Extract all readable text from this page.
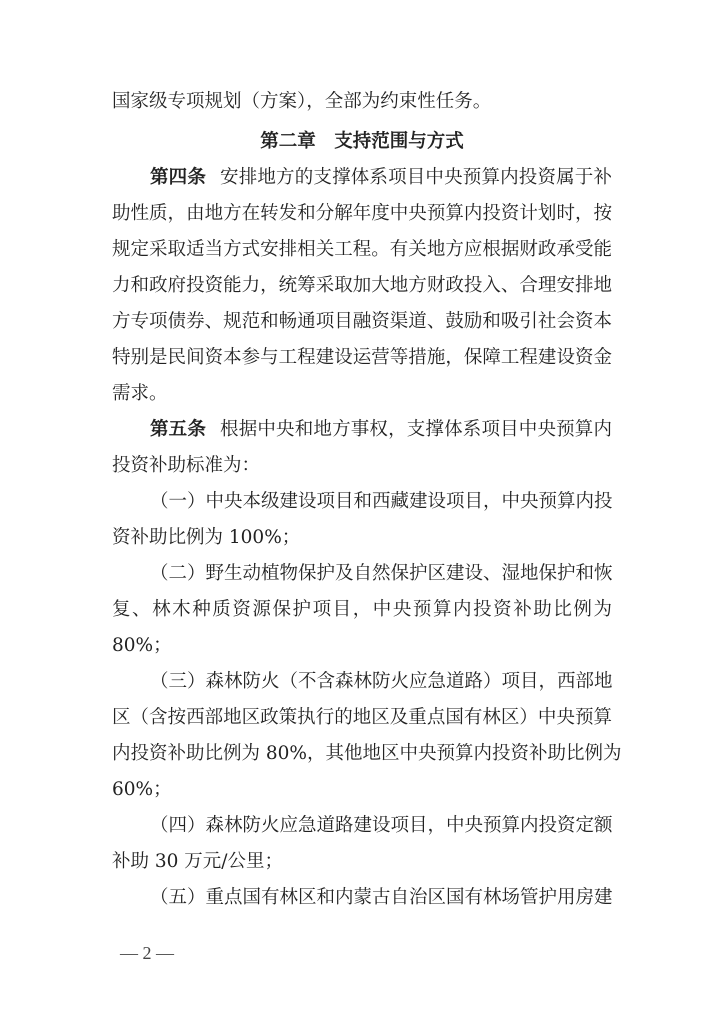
国家级专项规划（方案），全部为约束性任务。
第二章　支持范围与方式
第四条 安排地方的支撑体系项目中央预算内投资属于补
助性质，由地方在转发和分解年度中央预算内投资计划时，按
规定采取适当方式安排相关工程。有关地方应根据财政承受能
力和政府投资能力，统筹采取加大地方财政投入、合理安排地
方专项债券、规范和畅通项目融资渠道、鼓励和吸引社会资本
特别是民间资本参与工程建设运营等措施，保障工程建设资金
需求。
第五条 根据中央和地方事权，支撑体系项目中央预算内
投资补助标准为：
（一）中央本级建设项目和西藏建设项目，中央预算内投
资补助比例为 100%；
（二）野生动植物保护及自然保护区建设、湿地保护和恢
复、林木种质资源保护项目，中央预算内投资补助比例为
80%；
（三）森林防火（不含森林防火应急道路）项目，西部地
区（含按西部地区政策执行的地区及重点国有林区）中央预算
内投资补助比例为 80%，其他地区中央预算内投资补助比例为
60%；
（四）森林防火应急道路建设项目，中央预算内投资定额
补助 30 万元/公里；
（五）重点国有林区和内蒙古自治区国有林场管护用房建
— 2 —
